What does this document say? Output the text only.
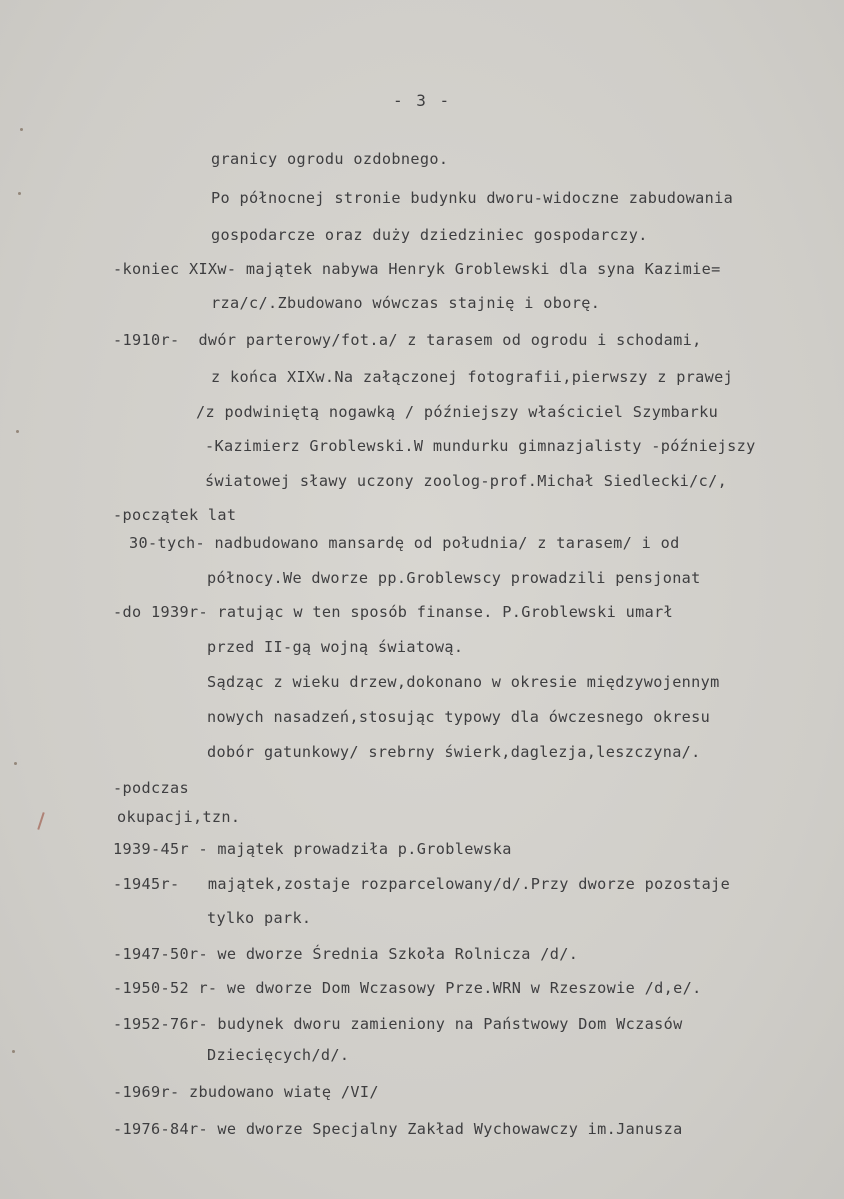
- 3 -
granicy ogrodu ozdobnego.
Po północnej stronie budynku dworu-widoczne zabudowania
gospodarcze oraz duży dziedziniec gospodarczy.
-koniec XIXw- majątek nabywa Henryk Groblewski dla syna Kazimie=
rza/c/.Zbudowano wówczas stajnię i oborę.
-1910r-  dwór parterowy/fot.a/ z tarasem od ogrodu i schodami,
z końca XIXw.Na załączonej fotografii,pierwszy z prawej
/z podwiniętą nogawką / późniejszy właściciel Szymbarku
-Kazimierz Groblewski.W mundurku gimnazjalisty -późniejszy
światowej sławy uczony zoolog-prof.Michał Siedlecki/c/,
-początek lat
30-tych- nadbudowano mansardę od południa/ z tarasem/ i od
północy.We dworze pp.Groblewscy prowadzili pensjonat
-do 1939r- ratując w ten sposób finanse. P.Groblewski umarł
przed II-gą wojną światową.
Sądząc z wieku drzew,dokonano w okresie międzywojennym
nowych nasadzeń,stosując typowy dla ówczesnego okresu
dobór gatunkowy/ srebrny świerk,daglezja,leszczyna/.
-podczas
okupacji,tzn.
1939-45r - majątek prowadziła p.Groblewska
-1945r-   majątek,zostaje rozparcelowany/d/.Przy dworze pozostaje
tylko park.
-1947-50r- we dworze Średnia Szkoła Rolnicza /d/.
-1950-52 r- we dworze Dom Wczasowy Prze.WRN w Rzeszowie /d,e/.
-1952-76r- budynek dworu zamieniony na Państwowy Dom Wczasów
Dziecięcych/d/.
-1969r- zbudowano wiatę /VI/
-1976-84r- we dworze Specjalny Zakład Wychowawczy im.Janusza
